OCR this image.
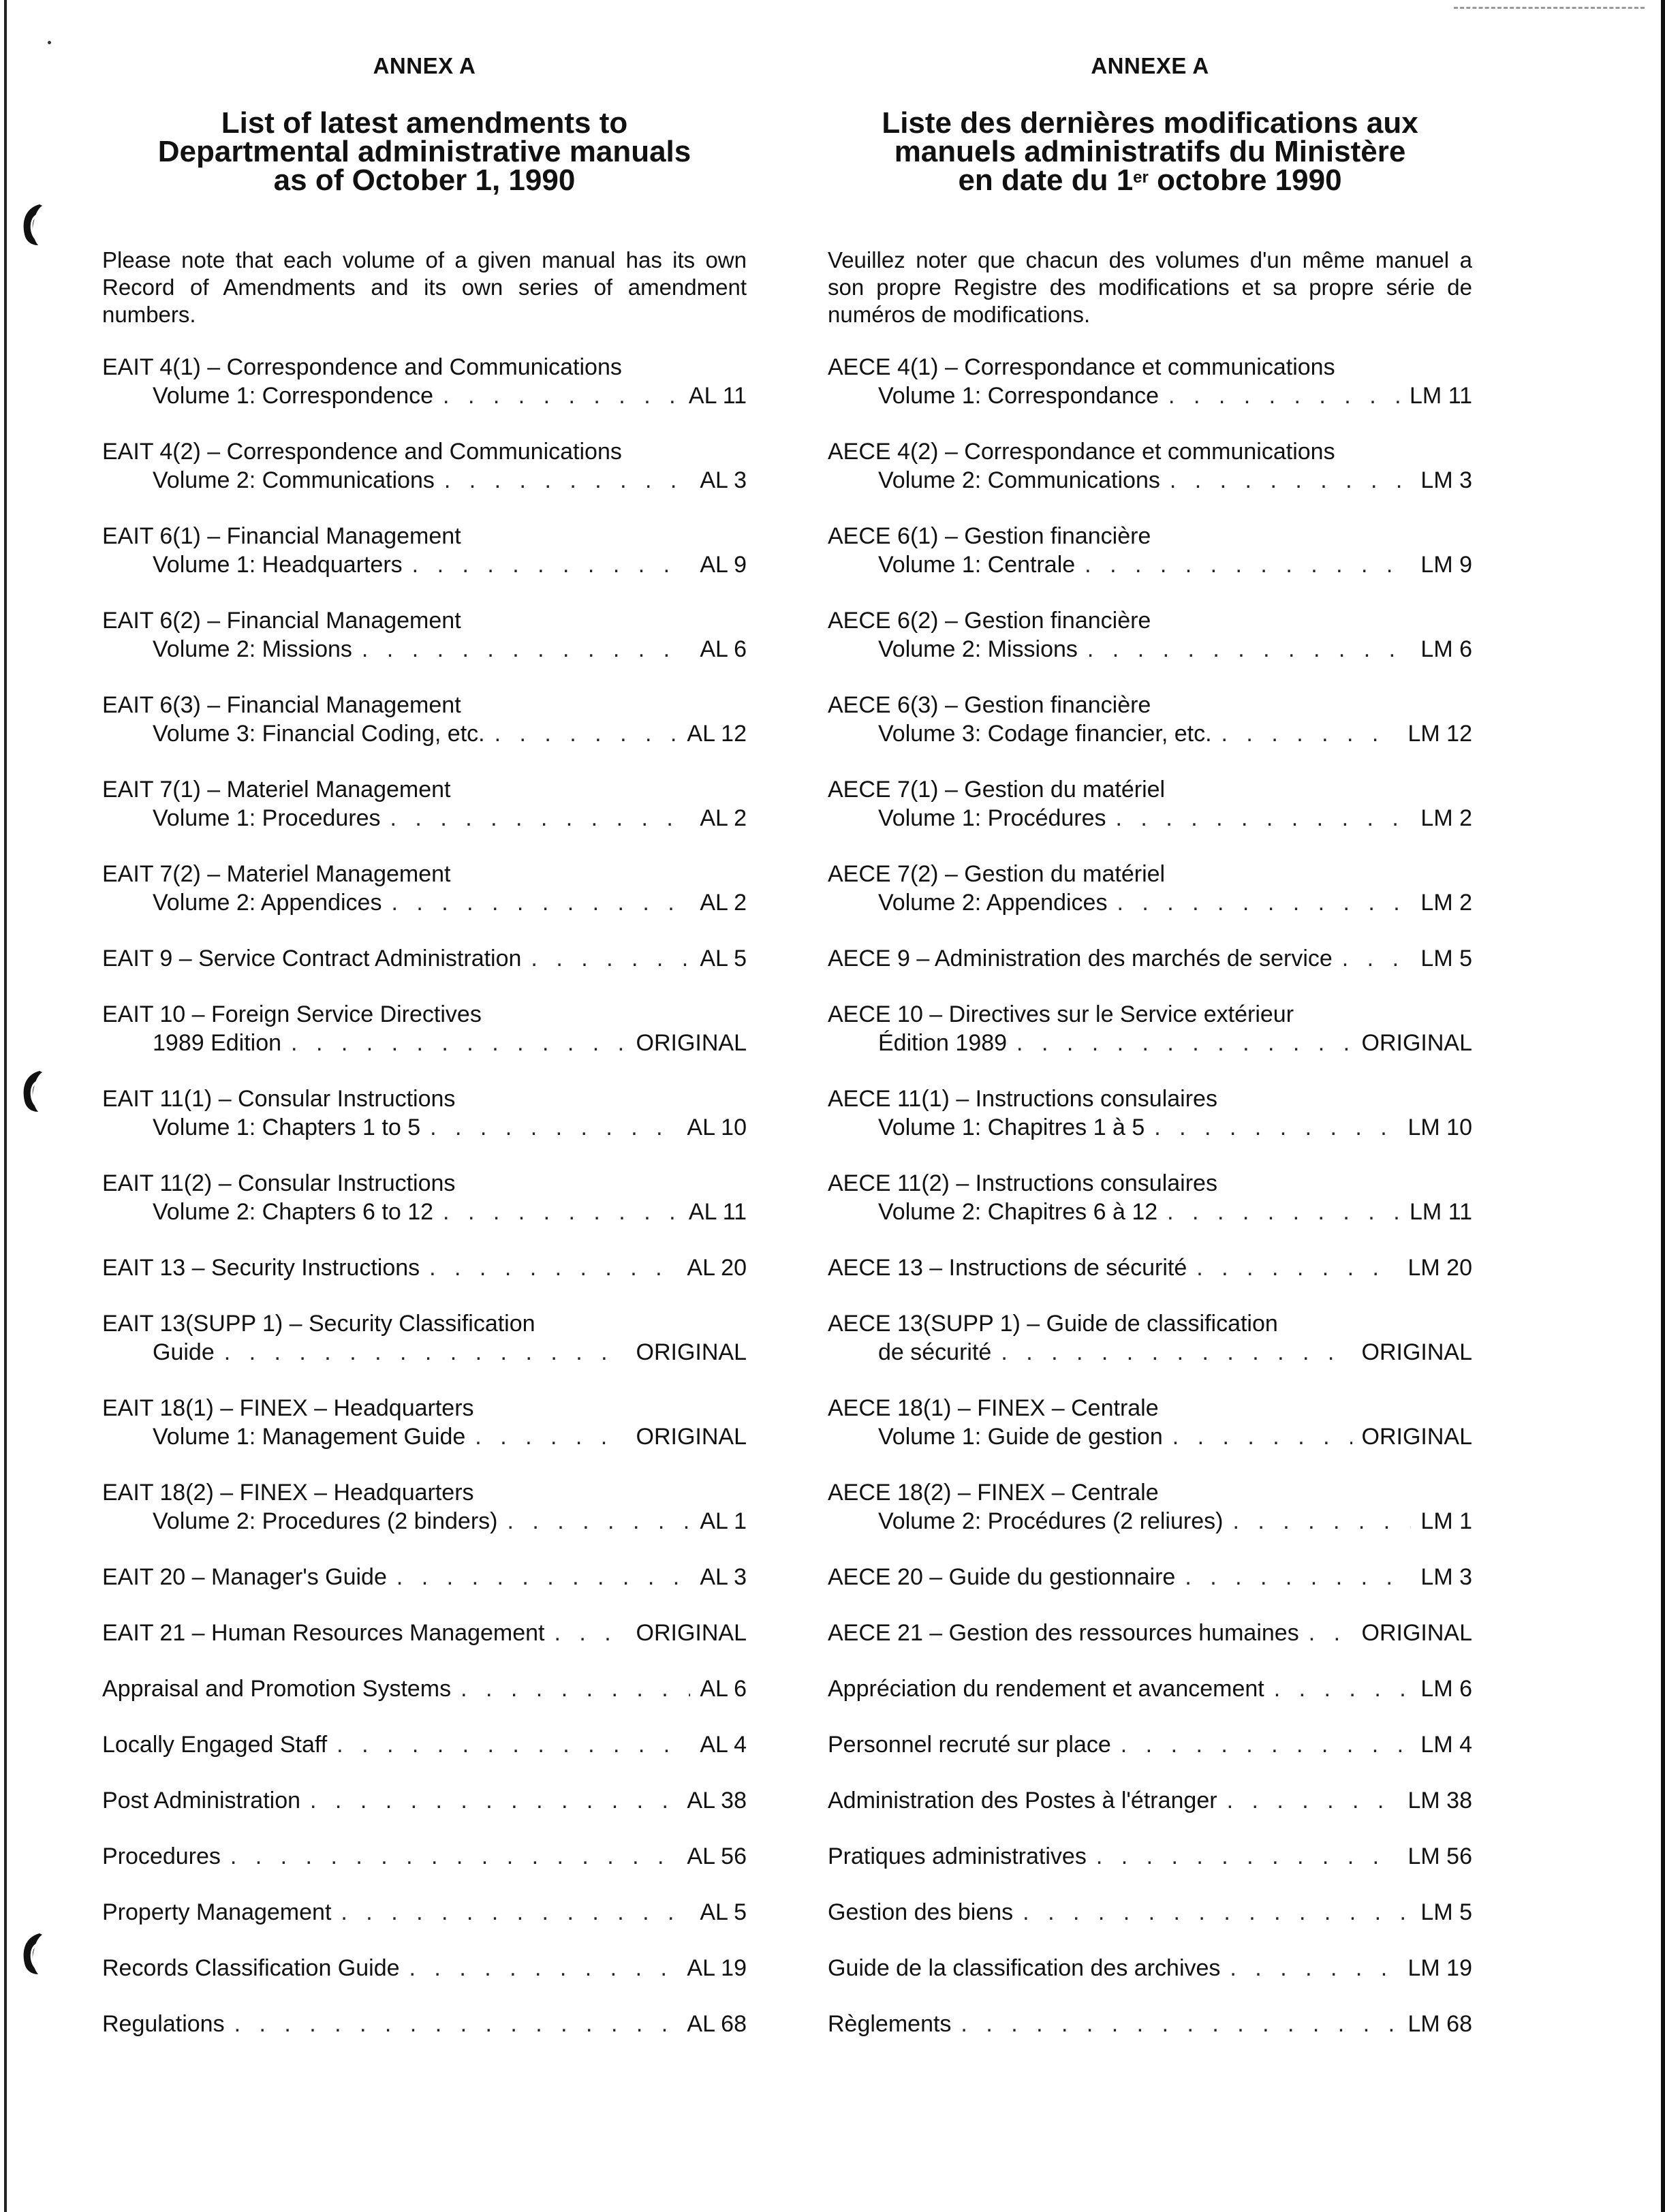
ANNEX A
List of latest amendments to
Departmental administrative manuals
as of October 1, 1990
Please note that each volume of a given manual has its own Record of Amendments and its own series of amendment numbers.
EAIT 4(1) – Correspondence and Communications
Volume 1: Correspondence . . .	AL 11
EAIT 4(2) – Correspondence and Communications
Volume 2: Communications . . .	AL 3
EAIT 6(1) – Financial Management
Volume 1: Headquarters . . .	AL 9
EAIT 6(2) – Financial Management
Volume 2: Missions . . .	AL 6
EAIT 6(3) – Financial Management
Volume 3: Financial Coding, etc. . . .	AL 12
EAIT 7(1) – Materiel Management
Volume 1: Procedures . . .	AL 2
EAIT 7(2) – Materiel Management
Volume 2: Appendices . . .	AL 2
EAIT 9 – Service Contract Administration . . .	AL 5
EAIT 10 – Foreign Service Directives
1989 Edition . . .	ORIGINAL
EAIT 11(1) – Consular Instructions
Volume 1: Chapters 1 to 5 . . .	AL 10
EAIT 11(2) – Consular Instructions
Volume 2: Chapters 6 to 12 . . .	AL 11
EAIT 13 – Security Instructions . . .	AL 20
EAIT 13(SUPP 1) – Security Classification
Guide . . .	ORIGINAL
EAIT 18(1) – FINEX – Headquarters
Volume 1: Management Guide . . .	ORIGINAL
EAIT 18(2) – FINEX – Headquarters
Volume 2: Procedures (2 binders) . . .	AL 1
EAIT 20 – Manager's Guide . . .	AL 3
EAIT 21 – Human Resources Management . . .	ORIGINAL
Appraisal and Promotion Systems . . .	AL 6
Locally Engaged Staff . . .	AL 4
Post Administration . . .	AL 38
Procedures . . .	AL 56
Property Management . . .	AL 5
Records Classification Guide . . .	AL 19
Regulations . . .	AL 68
ANNEXE A
Liste des dernières modifications aux
manuels administratifs du Ministère
en date du 1er octobre 1990
Veuillez noter que chacun des volumes d'un même manuel a son propre Registre des modifications et sa propre série de numéros de modifications.
AECE 4(1) – Correspondance et communications
Volume 1: Correspondance . . .	LM 11
AECE 4(2) – Correspondance et communications
Volume 2: Communications . . .	LM 3
AECE 6(1) – Gestion financière
Volume 1: Centrale . . .	LM 9
AECE 6(2) – Gestion financière
Volume 2: Missions . . .	LM 6
AECE 6(3) – Gestion financière
Volume 3: Codage financier, etc. . . .	LM 12
AECE 7(1) – Gestion du matériel
Volume 1: Procédures . . .	LM 2
AECE 7(2) – Gestion du matériel
Volume 2: Appendices . . .	LM 2
AECE 9 – Administration des marchés de service . . .	LM 5
AECE 10 – Directives sur le Service extérieur
Édition 1989 . . .	ORIGINAL
AECE 11(1) – Instructions consulaires
Volume 1: Chapitres 1 à 5 . . .	LM 10
AECE 11(2) – Instructions consulaires
Volume 2: Chapitres 6 à 12 . . .	LM 11
AECE 13 – Instructions de sécurité . . .	LM 20
AECE 13(SUPP 1) – Guide de classification
de sécurité . . .	ORIGINAL
AECE 18(1) – FINEX – Centrale
Volume 1: Guide de gestion . . .	ORIGINAL
AECE 18(2) – FINEX – Centrale
Volume 2: Procédures (2 reliures) . . .	LM 1
AECE 20 – Guide du gestionnaire . . .	LM 3
AECE 21 – Gestion des ressources humaines . . .	ORIGINAL
Appréciation du rendement et avancement . . .	LM 6
Personnel recruté sur place . . .	LM 4
Administration des Postes à l'étranger . . .	LM 38
Pratiques administratives . . .	LM 56
Gestion des biens . . .	LM 5
Guide de la classification des archives . . .	LM 19
Règlements . . .	LM 68
